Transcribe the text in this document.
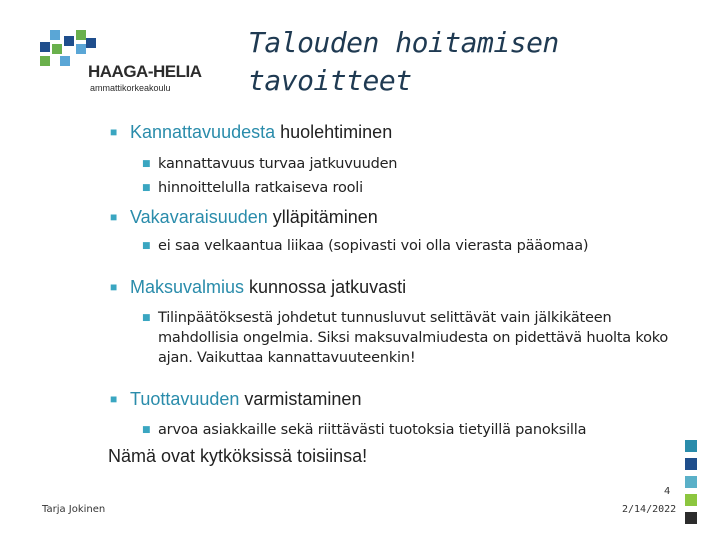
HAAGA-HELIA
ammattikorkeakoulu
Talouden hoitamisen tavoitteet
■ Kannattavuudesta huolehtiminen
■ kannattavuus turvaa jatkuvuuden
■ hinnoittelulla ratkaiseva rooli
■ Vakavaraisuuden ylläpitäminen
■ ei saa velkaantua liikaa (sopivasti voi olla vierasta pääomaa)
■ Maksuvalmius kunnossa jatkuvasti
■ Tilinpäätöksestä johdetut tunnusluvut selittävät vain jälkikäteen mahdollisia ongelmia. Siksi maksuvalmiudesta on pidettävä huolta koko ajan. Vaikuttaa kannattavuuteenkin!
■ Tuottavuuden varmistaminen
■ arvoa asiakkaille sekä riittävästi tuotoksia tietyillä panoksilla
Nämä ovat kytköksissä toisiinsa!
4
Tarja Jokinen	2/14/2022
